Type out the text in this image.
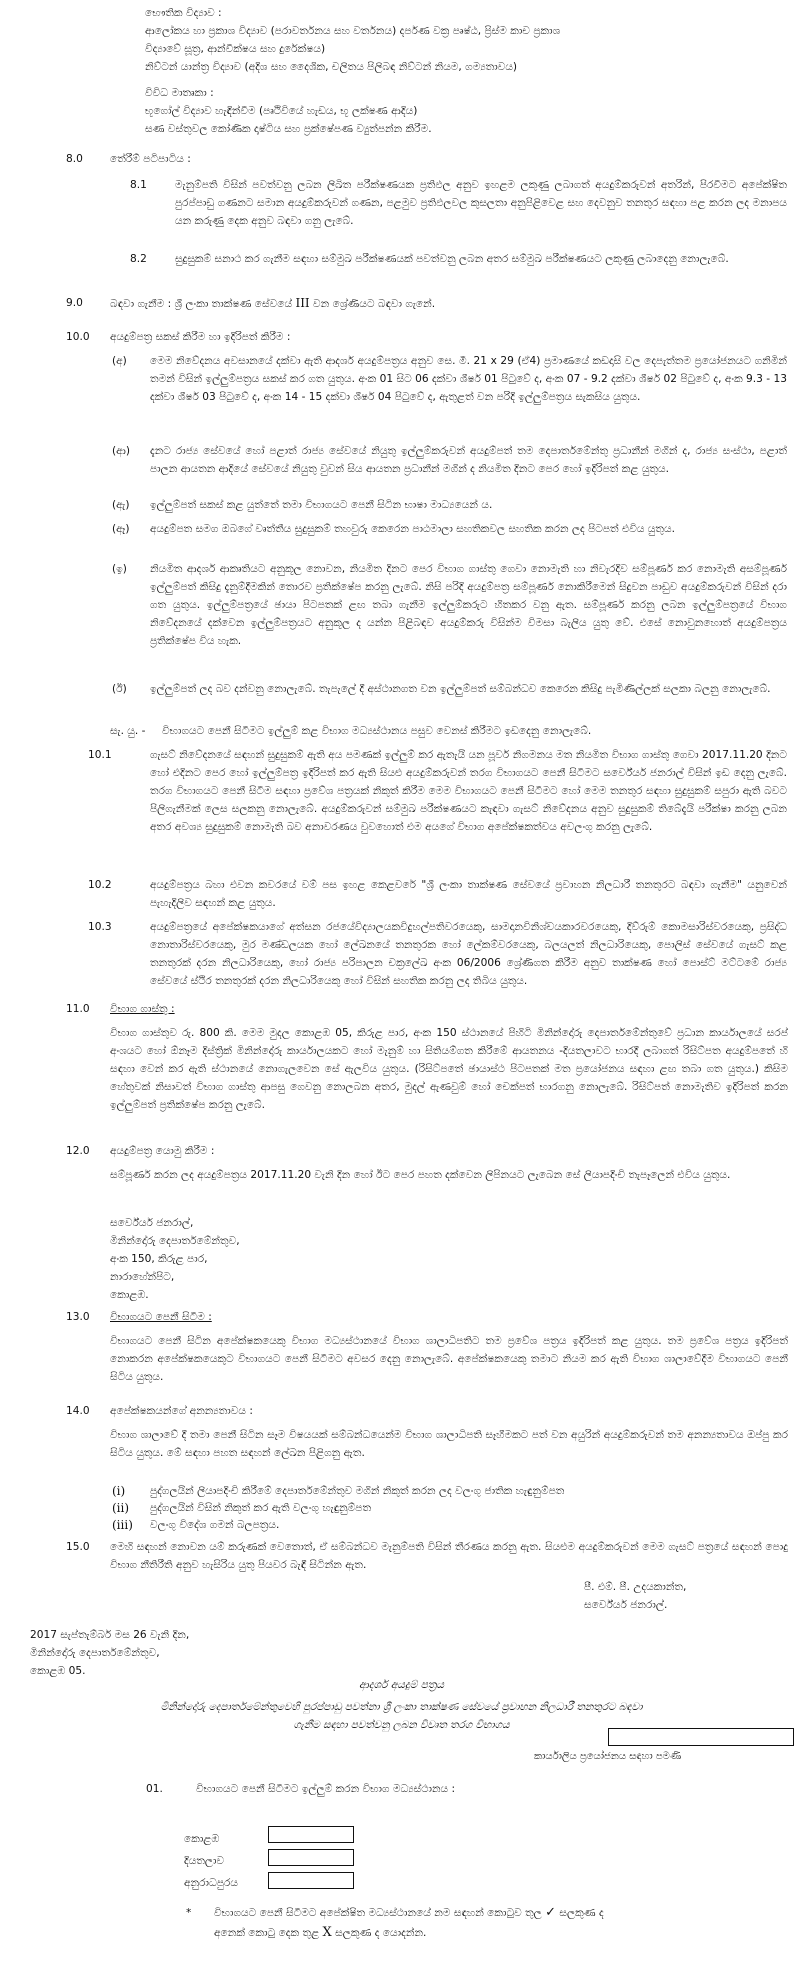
භෞතික විද්‍යාව :
ආලෝකය හා ප්‍රකාශ විද්‍යාව (පරාවර්තනය සහ වර්තනය) දර්පණ වක්‍ර පෘෂ්ඨ, ප්‍රිස්ම කාච ප්‍රකාශ
විද්‍යාවේ සූත්‍ර, ආන්වීක්ෂය සහ දුරේක්ෂය)
නිව්ටන් යාන්ත්‍ර විද්‍යාව (අදිශ සහ දෛශික, චලිතය පිලිබඳ නිව්ටන් නියම, ගම්‍යතාවය)
විවිධ මාතෘකා :
භූගෝල් විද්‍යාව හැඳින්වීම (පෘථිවියේ හැඩය, භූ ලක්ෂණ ආදිය)
සණ වස්තුවල කෝණික දෘෂ්ටිය සහ ප්‍රක්ෂේපණ ව්‍යුත්පන්න කිරීම.
8.0	තේරීම් පටිපාටිය :
8.1	මැනුම්පති විසින් පවත්වනු ලබන ලිඛිත පරීක්ෂණයක ප්‍රතිඵල අනුව ඉහළම ලකුණු ලබාගත් අයදුම්කරුවන් අතරින්, පිරවීමට අපේක්ෂිත පුරප්පාඩු ගණනට සමාන අයදුම්කරුවන් ගණන, පළමුව ප්‍රතිඵලවල කුසලතා අනුපිළිවෙළ සහ දෙවනුව තනතුර සඳහා පළ කරන ලද මනාපය යන කරුණු දෙක අනුව බඳවා ගනු ලැබේ.
8.2	සුදුසුකම් සනාථ කර ගැනීම සඳහා සම්මුඛ පරීක්ෂණයක් පවත්වනු ලබන අතර සම්මුඛ පරීක්ෂණයට ලකුණු ලබාදෙනු නොලැබේ.
9.0	බඳවා ගැනීම : ශ්‍රී ලංකා තාක්ෂණ සේවයේ III වන ශ්‍රේණියට බඳවා ගැනේ.
10.0 අයදුම්පත්‍ර සකස් කිරීම හා ඉදිරිපත් කිරීම :
(අ) මෙම නිවේදනය අවසානයේ දක්වා ඇති ආදර්ශ අයදුම්පත්‍රය අනුව සෙ. මී. 21 x 29 (ඒ4) ප්‍රමාණයේ කඩදාසි වල දෙපැත්තම ප්‍රයෝජනයට ගනිමින් තමන් විසින් ඉල්ලුම්පත්‍රය සකස් කර ගත යුතුය. අංක 01 සිට 06 දක්වා ශීර්ෂ 01 පිටුවේ ද, අංක 07 - 9.2 දක්වා ශීර්ෂ 02 පිටුවේ ද, අංක 9.3 - 13 දක්වා ශීර්ෂ 03 පිටුවේ ද, අංක 14 - 15 දක්වා ශීර්ෂ 04 පිටුවේ ද, ඇතුළත් වන පරිදි ඉල්ලුම්පත්‍රය සැකසිය යුතුය.
(ආ) දැනට රාජ්‍ය සේවයේ හෝ පළාත් රාජ්‍ය සේවයේ නියුතු ඉල්ලුම්කරුවන් අයදුම්පත් තම දෙපාර්තමේන්තු ප්‍රධානීන් මගින් ද, රාජ්‍ය සංස්ථා, පළාත් පාලන ආයතන ආදියේ සේවයේ නියුතු වුවන් සිය ආයතන ප්‍රධානීන් මගින් ද නියමිත දිනට පෙර හෝ ඉදිරිපත් කළ යුතුය.
(ඇ) ඉල්ලුම්පත් සකස් කළ යුත්තේ තමා විභාගයට පෙනී සිටින භාෂා මාධ්‍යයෙන් ය.
(ඈ) අයදුම්පත සමග ඔබගේ වෘත්තීය සුදුසුකම් තහවුරු කෙරෙන පාඨමාලා සහතිකවල සහතික කරන ලද පිටපත් එවිය යුතුය.
(ඉ) නියමිත ආදර්ශ ආකෘතියට අනුකූල නොවන, නියමිත දිනට පෙර විභාග ගාස්තු ගෙවා නොමැති හා නිවැරදිව සම්පූර්ණ කර නොමැති අසම්පූර්ණ ඉල්ලුම්පත් කිසිදු දැනුම්දීමකින් තොරව ප්‍රතික්ෂේප කරනු ලැබේ. නිසි පරිදි අයදුම්පත්‍ර සම්පූර්ණ නොකිරීමෙන් සිදුවන පාඩුව අයදුම්කරුවන් විසින් දරා ගත යුතුය. ඉල්ලුම්පත්‍රයේ ඡායා පිටපතක් ළඟ තබා ගැනීම ඉල්ලුම්කරුට හිතකර වනු ඇත. සම්පූර්ණ කරනු ලබන ඉල්ලුම්පත්‍රයේ විභාග නිවේදනයේ දක්වෙන ඉල්ලුම්පත්‍රයට අනුකූල ද යන්න පිළිබඳව අයදුම්කරු විසින්ම විමසා බැලිය යුතු වේ. එසේ නොවුනහොත් අයදුම්පත්‍රය ප්‍රතික්ෂේප විය හැක.
(ඊ) ඉල්ලුම්පත් ලද බව දන්වනු නොලැබේ. තැපැලේ දී අස්ථානගත වන ඉල්ලුම්පත් සම්බන්ධව කෙරෙන කිසිදු පැමිණිල්ලක් සලකා බලනු නොලැබේ.
සැ. යු. - විභාගයට පෙනී සිටීමට ඉල්ලුම් කළ විභාග මධ්‍යස්ථානය පසුව වෙනස් කිරීමට ඉඩදෙනු නොලැබේ.
10.1	ගැසට් නිවේදනයේ සඳහන් සුදුසුකම් ඇති අය පමණක් ඉල්ලුම් කර ඇතැයි යන පූර්ව නිගමනය මත නියමිත විභාග ගාස්තු ගෙවා 2017.11.20 දිනට හෝ එදිනට පෙර හෝ ඉල්ලුම්පත්‍ර ඉදිරිපත් කර ඇති සියළු අයදුම්කරුවන් තරග විභාගයට පෙනී සිටීමට සර්වේයර් ජනරාල් විසින් ඉඩ දෙනු ලැබේ. තරග විභාගයට පෙනී සිටීම සඳහා ප්‍රවේශ පත්‍රයක් නිකුත් කිරීම මෙම විභාගයට පෙනී සිටීමට හෝ මෙම තනතුර සඳහා සුදුසුකම් සපුරා ඇති බවට පිලිගැනීමක් ලෙස සලකනු නොලැබේ. අයදුම්කරුවන් සම්මුඛ පරීක්ෂණයට කැඳවා ගැසට් නිවේදනය අනුව සුදුසුකම් තිබේදැයි පරීක්ෂා කරනු ලබන අතර අවශ්‍ය සුදුසුකම් නොමැති බව අනාවරණය වුවහොත් එම අයගේ විභාග අපේක්ෂකත්වය අවලංගු කරනු ලැබේ.
10.2	අයදුම්පත්‍රය බහා එවන කවරයේ වම් පස ඉහළ කෙළවරේ "ශ්‍රී ලංකා තාක්ෂණ සේවයේ ප්‍රවාහන නිලධාරී තනතුරට බඳවා ගැනීම" යනුවෙන් පැහැදිලිව සඳහන් කළ යුතුය.
10.3	අයදුම්පත්‍රයේ අපේක්ෂකයාගේ අත්සන රජයේවිද්‍යාලයකවිදුහල්පතිවරයෙකු, සාමදානවිනිශ්චයකාරවරයෙකු, දිව්රුම් කොමසාරිස්වරයෙකු, ප්‍රසිද්ධ නොතාරිස්වරයෙකු, මුර මණ්ඩලයක හෝ ලේඛනයේ තනතුරක හෝ ලේකම්වරයෙකු, බලයලත් නිලධාරියෙකු, පොලිස් සේවයේ ගැසට් කළ තනතුරක් දරන නිලධාරියෙකු, හෝ රාජ්‍ය පරිපාලන චක්‍රලේඛ අංක 06/2006 ශ්‍රේණිගත කිරීම අනුව තාක්ෂණ හෝ පොස්ට් මට්ටමේ රාජ්‍ය සේවයේ ස්ථිර තනතුරක් දරන නිලධාරියෙකු හෝ විසින් සහතික කරනු ලද තිබිය යුතුය.
11.0 විභාග ගාස්තු :
විභාග ගාස්තුව රු. 800 කි. මෙම මුදල කොළඹ 05, කිරුළ පාර, අංක 150 ස්ථානයේ පිහිටි මිනින්දෝරු දෙපාර්තමේන්තුවේ ප්‍රධාන කාර්යාලයේ සරප් අංශයට හෝ ඕනෑම දිස්ත්‍රික් මිනින්දෝරු කාර්යාලයකට හෝ මැනුම් හා සිතියම්ගත කිරීමේ ආයතනය -දියතලාවට භාරදී ලබාගත් රිසිට්පත අයදුම්පතේ හි සඳහා වෙන් කර ඇති ස්ථානයේ නොගැලවෙන සේ ඇලවිය යුතුය. (රිසිට්පතේ ඡායාස්ථ පිටපතක් මත ප්‍රයෝජනය සඳහා ළඟ තබා ගත යුතුය.) කිසිම හේතුවක් නිසාවත් විභාග ගාස්තු ආපසු ගෙවනු නොලබන අතර, මුදල් ඇණවුම් හෝ චෙක්පත් භාරගනු නොලැබේ. රිසිට්පත් නොමැතිව ඉදිරිපත් කරන ඉල්ලුම්පත් ප්‍රතික්ෂේප කරනු ලැබේ.
12.0 අයදුම්පත්‍ර යොමු කිරීම :
සම්පූර්ණ කරන ලද අයදුම්පත්‍රය 2017.11.20 වැනි දින හෝ ඊට පෙර පහත දක්වෙන ලිපිනයට ලැබෙන සේ ලියාපදිංචි තැපෑලෙන් එවිය යුතුය.
සර්වේයර් ජනරාල්,
මිනින්දෝරු දෙපාර්තමේන්තුව,
අංක 150, කිරුළ පාර,
නාරාහේන්පිට,
කොළඹ.
13.0 විභාගයට පෙනී සිටීම :
විභාගයට පෙනී සිටින අපේක්ෂකයෙකු විභාග මධ්‍යස්ථානයේ විභාග ශාලාධිපතිට තම ප්‍රවේශ පත්‍රය ඉදිරිපත් කළ යුතුය. තම ප්‍රවේශ පත්‍රය ඉදිරිපත් නොකරන අපේක්ෂකයෙකුට විභාගයට පෙනී සිටීමට අවසර දෙනු නොලැබේ. අපේක්ෂකයෙකු තමාට නියම කර ඇති විභාග ශාලාවේදීම විභාගයට පෙනී සිටිය යුතුය.
14.0 අපේක්ෂකයන්ගේ අනන්‍යතාවය :
විභාග ශාලාවේ දී තමා පෙනී සිටින සෑම විෂයයක් සම්බන්ධයෙන්ම විභාග ශාලාධිපති සෑහීමකට පත් වන අයුරින් අයදුම්කරුවන් තම අනන්‍යතාවය ඔප්පු කර සිටිය යුතුය. මේ සඳහා පහත සඳහන් ලේඛන පිළිගනු ඇත.
(i) පුද්ගලයින් ලියාපදිංචි කිරීමේ දෙපාර්තමේන්තුව මගින් නිකුත් කරන ලද වලංගු ජාතික හැඳුනුම්පත
(ii) පුද්ගලයින් විසින් නිකුත් කර ඇති වලංගු හැඳුනුම්පත
(iii) වලංගු විදේශ ගමන් බලපත්‍රය.
15.0 මෙහි සඳහන් නොවන යම් කරුණක් වෙතොත්, ඒ සම්බන්ධව මැනුම්පති විසින් තීරණය කරනු ඇත. සියළුම අයදුම්කරුවන් මෙම ගැසට් පත්‍රයේ සඳහන් පොදු විභාග නීතිරීති අනුව හැසිරිය යුතු පියවර බැඳී සිටින්න ඇත.
පී. එම්. පී. උදයකාන්ත,
සර්වේයර් ජනරාල්.
2017 සැප්තැම්බර් මස 26 වැනි දින,
මිනින්දෝරු දෙපාර්තමේන්තුව,
කොළඹ 05.
ආදර්ශ අයදුම් පත්‍රය
මිනින්දෝරු දෙපාර්තමේන්තුවෙහි පුරප්පාඩු පවත්නා ශ්‍රී ලංකා තාක්ෂණ සේවයේ ප්‍රවාහන නිලධාරී තනතුරට බඳවා
ගැනීම සඳහා පවත්වනු ලබන විවෘත තරග විභාගය
කාර්යාලිය ප්‍රයෝජනය සඳහා පමණි
01.	විභාගයට පෙනී සිටීමට ඉල්ලුම් කරන විභාග මධ්‍යස්ථානය :
කොළඹ
දියතලාව
අනුරාධපුරය
* විභාගයට පෙනී සිටීමට අපේක්ෂිත මධ්‍යස්ථානයේ නම සඳහන් කොටුව තුල ✓ සලකුණ ද
අනෙක් කොටු දෙක තුළ X සලකුණ ද යොදන්න.
